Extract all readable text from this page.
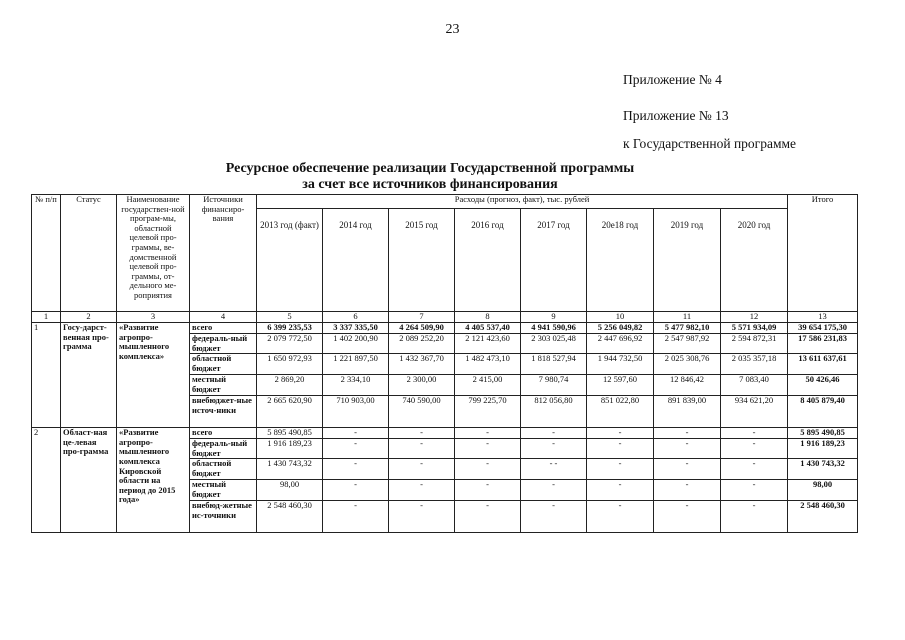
23
Приложение № 4
Приложение № 13
к Государственной программе
Ресурсное обеспечение реализации Государственной программы
за счет все источников финансирования
№ п/п	Статус	Наименование государствен-ной програм-мы, областной целевой про-граммы, ве-домственной целевой про-граммы, от-дельного ме-роприятия	Источники финансиро-вания	Расходы (прогноз, факт), тыс. рублей								Итого
				2013 год (факт)	2014 год	2015 год	2016 год	2017 год	20е18 год	2019 год	2020 год	
1	2	3	4	5	6	7	8	9	10	11	12	13
1	Госу-дарст-венная про-грамма	«Развитие агропро-мышленного комплекса»	всего	6 399 235,53	3 337 335,50	4 264 509,90	4 405 537,40	4 941 590,96	5 256 049,82	5 477 982,10	5 571 934,09	39 654 175,30
			федераль-ный бюджет	2 079 772,50	1 402 200,90	2 089 252,20	2 121 423,60	2 303 025,48	2 447 696,92	2 547 987,92	2 594 872,31	17 586 231,83
			областной бюджет	1 650 972,93	1 221 897,50	1 432 367,70	1 482 473,10	1 818 527,94	1 944 732,50	2 025 308,76	2 035 357,18	13 611 637,61
			местный бюджет	2 869,20	2 334,10	2 300,00	2 415,00	7 980,74	12 597,60	12 846,42	7 083,40	50 426,46
			внебюджет-ные источ-ники	2 665 620,90	710 903,00	740 590,00	799 225,70	812 056,80	851 022,80	891 839,00	934 621,20	8 405 879,40
2	Област-ная це-левая про-грамма	«Развитие агропро-мышленного комплекса Кировской области на период до 2015 года»	всего	5 895 490,85	-	-	-	-	-	-	-	5 895 490,85
			федераль-ный бюджет	1 916 189,23	-	-	-	-	-	-	-	1 916 189,23
			областной бюджет	1 430 743,32	-	-	-	- -	-	-	-	1 430 743,32
			местный бюджет	98,00	-	-	-	-	-	-	-	98,00
			внебюд-жетные ис-точники	2 548 460,30	-	-	-	-	-	-	-	2 548 460,30
